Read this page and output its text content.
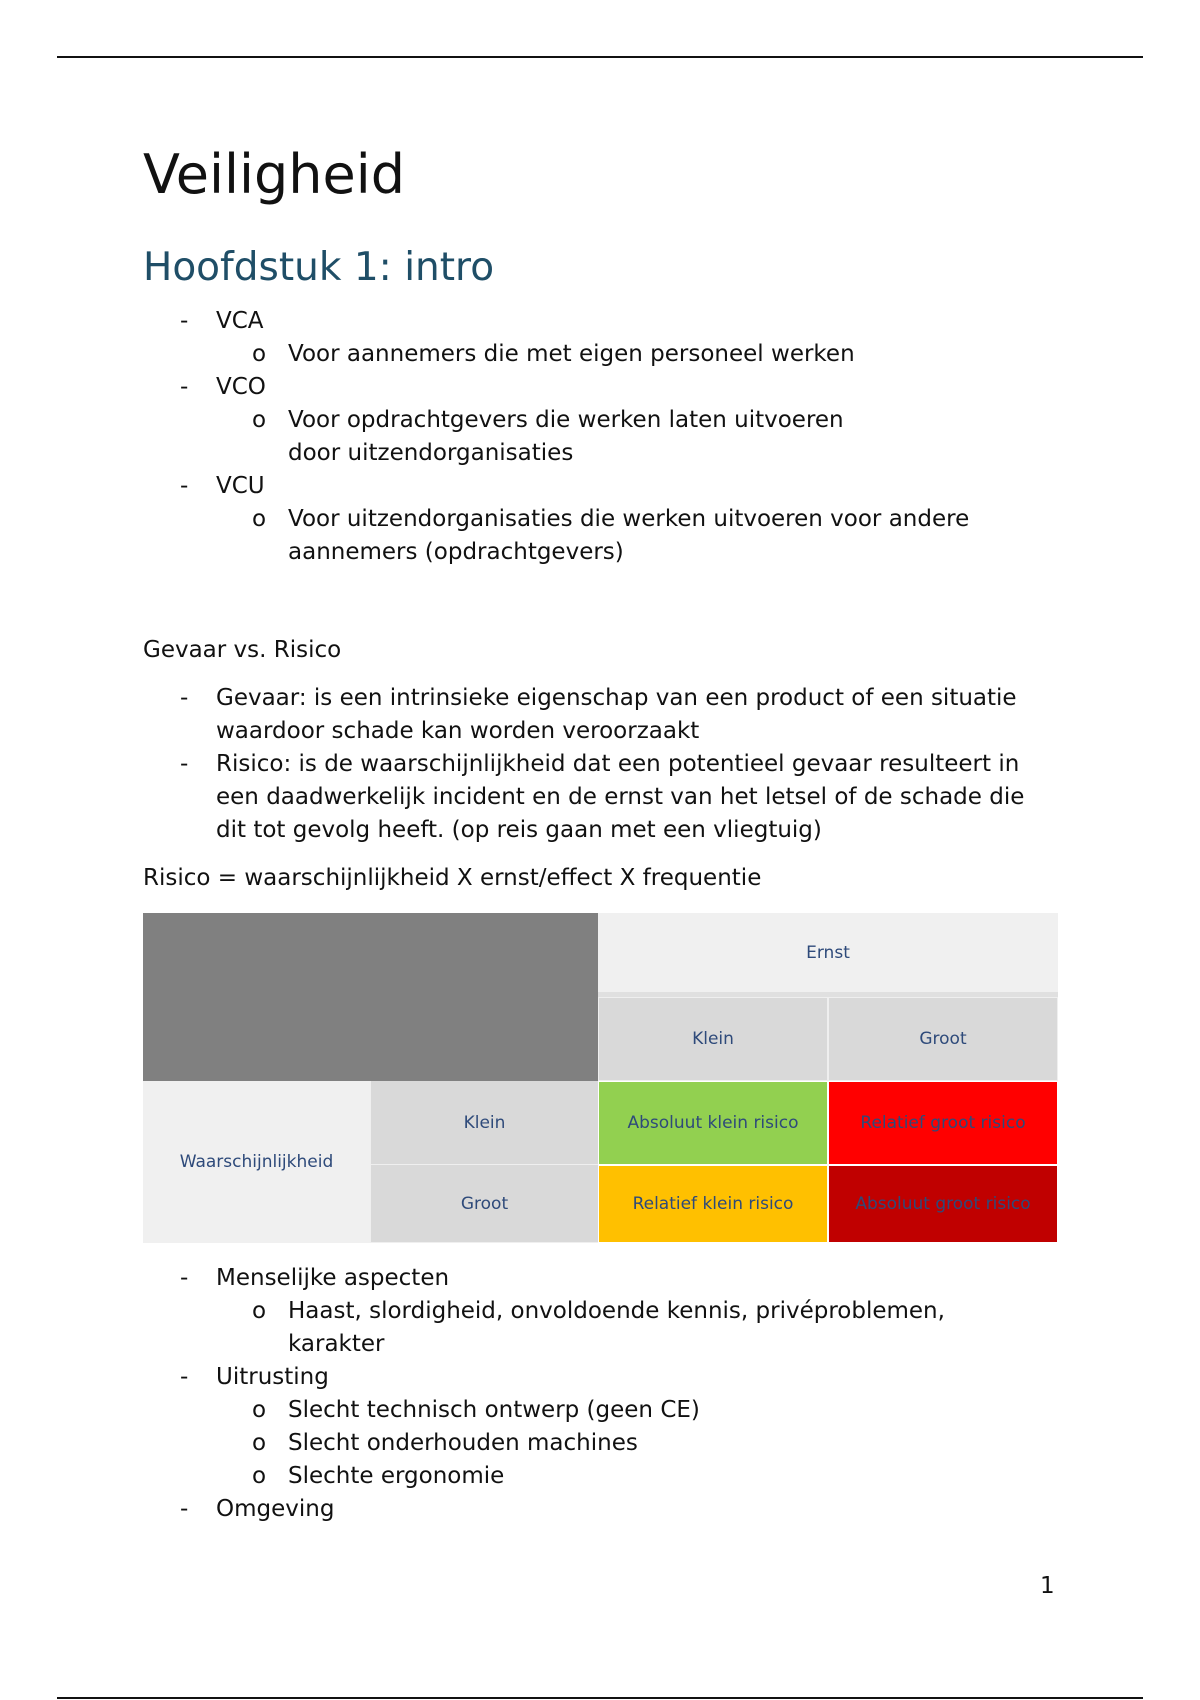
Veiligheid
Hoofdstuk 1: intro
- VCA
o Voor aannemers die met eigen personeel werken
- VCO
o Voor opdrachtgevers die werken laten uitvoeren door uitzendorganisaties
- VCU
o Voor uitzendorganisaties die werken uitvoeren voor andere aannemers (opdrachtgevers)

Gevaar vs. Risico

- Gevaar: is een intrinsieke eigenschap van een product of een situatie waardoor schade kan worden veroorzaakt
- Risico: is de waarschijnlijkheid dat een potentieel gevaar resulteert in een daadwerkelijk incident en de ernst van het letsel of de schade die dit tot gevolg heeft. (op reis gaan met een vliegtuig)

Risico = waarschijnlijkheid X ernst/effect X frequentie

Ernst
Klein	Groot
Waarschijnlijkheid
Klein	Absoluut klein risico	Relatief groot risico
Groot	Relatief klein risico	Absoluut groot risico
- Menselijke aspecten
o Haast, slordigheid, onvoldoende kennis, privéproblemen, karakter
- Uitrusting
o Slecht technisch ontwerp (geen CE)
o Slecht onderhouden machines
o Slechte ergonomie
- Omgeving
1
